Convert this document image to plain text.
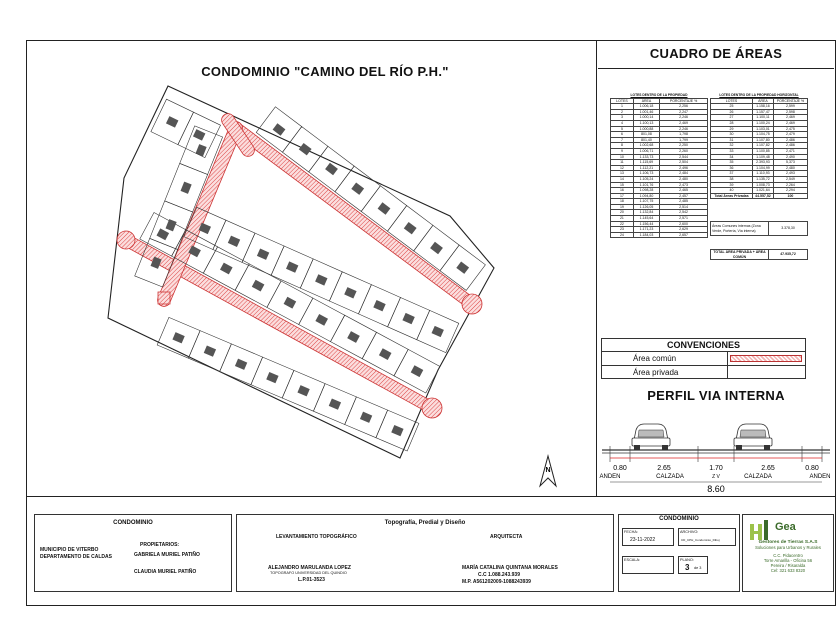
CONDOMINIO "CAMINO DEL RÍO P.H."
N
CUADRO DE ÁREAS
LOTES DENTRO DE LA PROPIEDAD		
LOTES	ÁREA	PORCENTAJE %
1	1.006,18	2,256
2	1.001,46	2,247
3	1.000,14	2,246
4	1.100,13	2,469
5	1.000,88	2,246
6	801,08	1,798
7	801,40	1,799
8	1.002,68	2,250
9	1.006,71	2,260
10	1.133,73	2,544
11	1.115,69	2,504
12	1.112,21	2,496
13	1.106,73	2,484
14	1.105,24	2,480
15	1.101,76	2,473
16	1.098,28	2,465
17	1.094,80	2,457
18	1.107,75	2,485
19	1.126,05	2,514
20	1.132,84	2,542
21	1.145,64	2,571
22	1.156,44	2,600
23	1.171,23	2,629
24	1.184,03	2,657
LOTES DENTRO DE LA PROPIEDAD HORIZONTAL		
LOTES	ÁREA	PORCENTAJE %
25	1.158,16	2,599
26	1.157,47	2,598
27	1.100,11	2,469
28	1.100,24	2,469
29	1.103,01	2,475
30	1.104,75	2,479
31	1.107,80	2,486
32	1.107,82	2,486
33	1.100,85	2,471
34	1.109,48	2,490
35	2.393,93	5,373
36	1.104,99	2,480
37	1.110,93	2,493
38	1.135,72	2,549
39	1.008,73	2,264
40	1.021,64	2,294
Total Áreas Privadas	44.557,52	100
Áreas Comunes internas (Zona Verde, Portería, Vía interna)	3.378,30
TOTAL ÁREA PRIVADA + ÁREA COMÚN	47.935,72
CONVENCIONES
Área común
Área privada
PERFIL VIA INTERNA
0.80	2.65	1.70	2.65	0.80
Z V
ANDEN	CALZADA	CALZADA	ANDEN
8.60
CONDOMINIO
MUNICIPIO DE VITERBO
DEPARTAMENTO DE CALDAS
PROPIETARIOS:
GABRIELA MURIEL PATIÑO
CLAUDIA MURIEL PATIÑO
Topografía, Predial y Diseño
LEVANTAMIENTO TOPOGRÁFICO	ARQUITECTA
ALEJANDRO MARULANDA LOPEZ
TOPOGRAFO UNIVERSIDAD DEL QUINDIO
L.P.01-3523
MARÍA CATALINA QUINTANA MORALES
C.C 1.088.243.939
M.P. A561202009-1088243939
CONDOMINIO
FECHA:
23-11-2022
ARCHIVO:
CD_CPH_Condominio_Dibuj
ESCALA:	PLANO:
3 de 3
Gea
Gestores de Tierras S.A.S
Soluciones para Urbanos y Rurales
C.C. Pidacentro
Torre Amarilla - Oficina 56
Pereira / Risaralda
Cel: 321 633 8320
